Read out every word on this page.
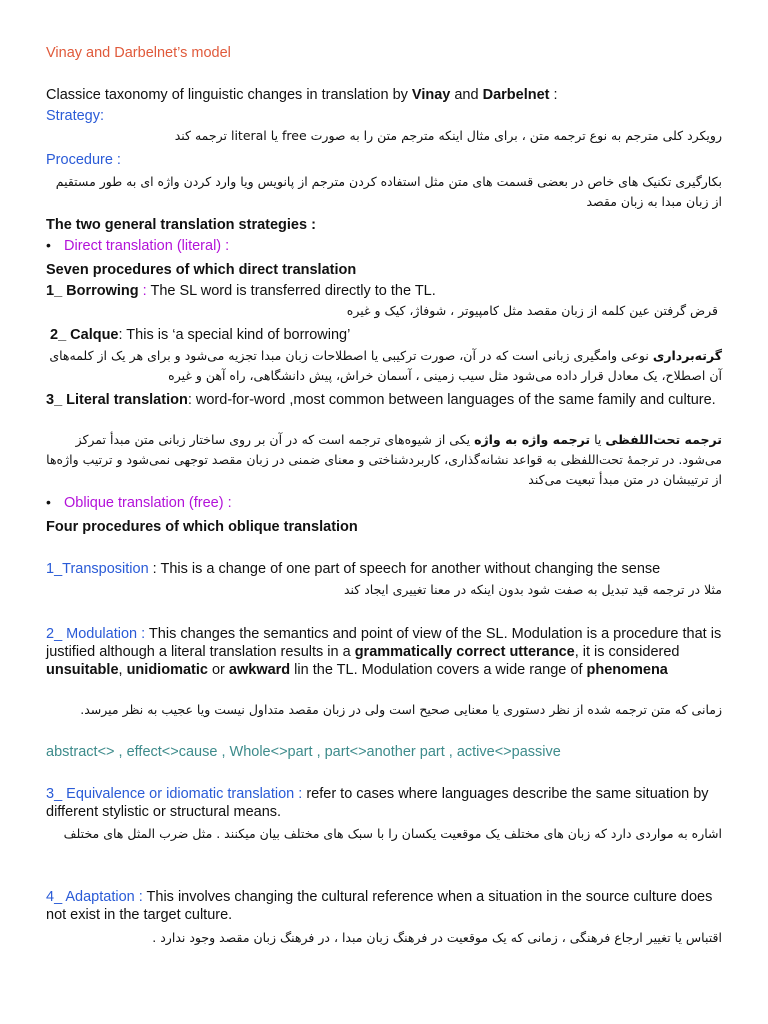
Vinay and Darbelnet’s model
Classice taxonomy of linguistic changes in translation by Vinay and Darbelnet :
Strategy:
رویکرد کلی مترجم به نوع ترجمه متن ، برای مثال اینکه مترجم متن را به صورت free یا literal ترجمه کند
Procedure :
بکارگیری تکنیک های خاص در بعضی قسمت های متن مثل استفاده کردن مترجم از پانویس ویا وارد کردن واژه ای به طور مستقیم از زبان مبدا به زبان مقصد
The two general translation strategies :
• Direct translation (literal) :
Seven procedures of which direct translation
1_ Borrowing : The SL word is transferred directly to the TL.
قرض گرفتن عین کلمه از زبان مقصد مثل کامپیوتر ، شوفاژ، کیک و غیره
2_ Calque: This is ‘a special kind of borrowing’
گرته‌برداری نوعی وامگیری زبانی است که در آن، صورت ترکیبی یا اصطلاحات زبان مبدا تجزیه می‌شود و برای هر یک از کلمه‌های آن اصطلاح، یک معادل قرار داده می‌شود مثل سیب زمینی ، آسمان خراش، پیش دانشگاهی، راه آهن و غیره
3_ Literal translation: word-for-word ,most common between languages of the same family and culture.
ترجمه تحت‌اللفظی یا ترجمه واژه به واژه یکی از شیوه‌های ترجمه است که در آن بر روی ساختار زبانی متن مبدأ تمرکز می‌شود. در ترجمهٔ تحت‌اللفظی به قواعد نشانه‌گذاری، کاربردشناختی و معنای ضمنی در زبان مقصد توجهی نمی‌شود و ترتیب واژه‌ها از ترتیبشان در متن مبدأ تبعیت می‌کند
• Oblique translation (free) :
Four procedures of which oblique translation
1_Transposition : This is a change of one part of speech for another without changing the sense
مثلا در ترجمه قید تبدیل به صفت شود بدون اینکه در معنا تغییری ایجاد کند
2_ Modulation : This changes the semantics and point of view of the SL. Modulation is a procedure that is justified although a literal translation results in a grammatically correct utterance, it is considered unsuitable, unidiomatic or awkward lin the TL. Modulation covers a wide range of phenomena
زمانی که متن ترجمه شده از نظر دستوری یا معنایی صحیح است ولی در زبان مقصد متداول نیست ویا عجیب به نظر میرسد.
abstract<> , effect<>cause , Whole<>part , part<>another part , active<>passive
3_ Equivalence or idiomatic translation : refer to cases where languages describe the same situation by different stylistic or structural means.
اشاره به مواردی دارد که زبان های مختلف یک موقعیت یکسان را با سبک های مختلف بیان میکنند . مثل ضرب المثل های مختلف
4_ Adaptation : This involves changing the cultural reference when a situation in the source culture does not exist in the target culture.
اقتباس یا تغییر ارجاع فرهنگی ، زمانی که یک موقعیت در فرهنگ زبان مبدا ، در فرهنگ زبان مقصد وجود ندارد .
